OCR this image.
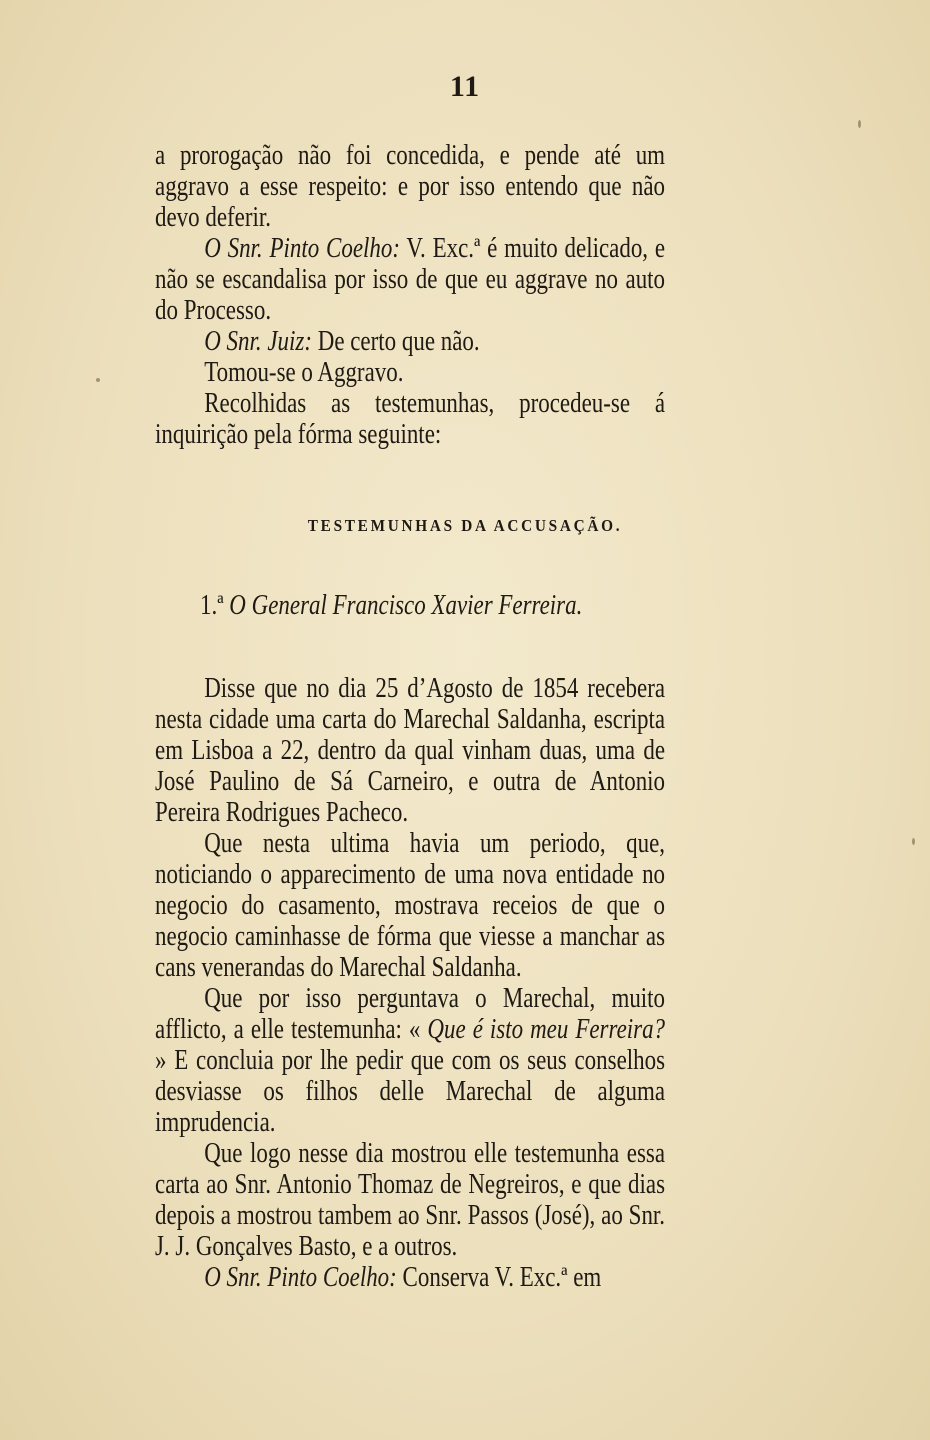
11

a prorogação não foi concedida, e pende até um aggravo a esse respeito: e por isso entendo que não devo deferir.

O Snr. Pinto Coelho: V. Exc.ª é muito delicado, e não se escandalisa por isso de que eu aggrave no auto do Processo.

O Snr. Juiz: De certo que não.

Tomou-se o Aggravo.

Recolhidas as testemunhas, procedeu-se á inquirição pela fórma seguinte:

TESTEMUNHAS DA ACCUSAÇÃO.
1.ª O General Francisco Xavier Ferreira.

Disse que no dia 25 d’Agosto de 1854 recebera nesta cidade uma carta do Marechal Saldanha, escripta em Lisboa a 22, dentro da qual vinham duas, uma de José Paulino de Sá Carneiro, e outra de Antonio Pereira Rodrigues Pacheco.

Que nesta ultima havia um periodo, que, noticiando o apparecimento de uma nova entidade no negocio do casamento, mostrava receios de que o negocio caminhasse de fórma que viesse a manchar as cans venerandas do Marechal Saldanha.

Que por isso perguntava o Marechal, muito afflicto, a elle testemunha: « Que é isto meu Ferreira? » E concluia por lhe pedir que com os seus conselhos desviasse os filhos delle Marechal de alguma imprudencia.

Que logo nesse dia mostrou elle testemunha essa carta ao Snr. Antonio Thomaz de Negreiros, e que dias depois a mostrou tambem ao Snr. Passos (José), ao Snr. J. J. Gonçalves Basto, e a outros.

O Snr. Pinto Coelho: Conserva V. Exc.ª em
